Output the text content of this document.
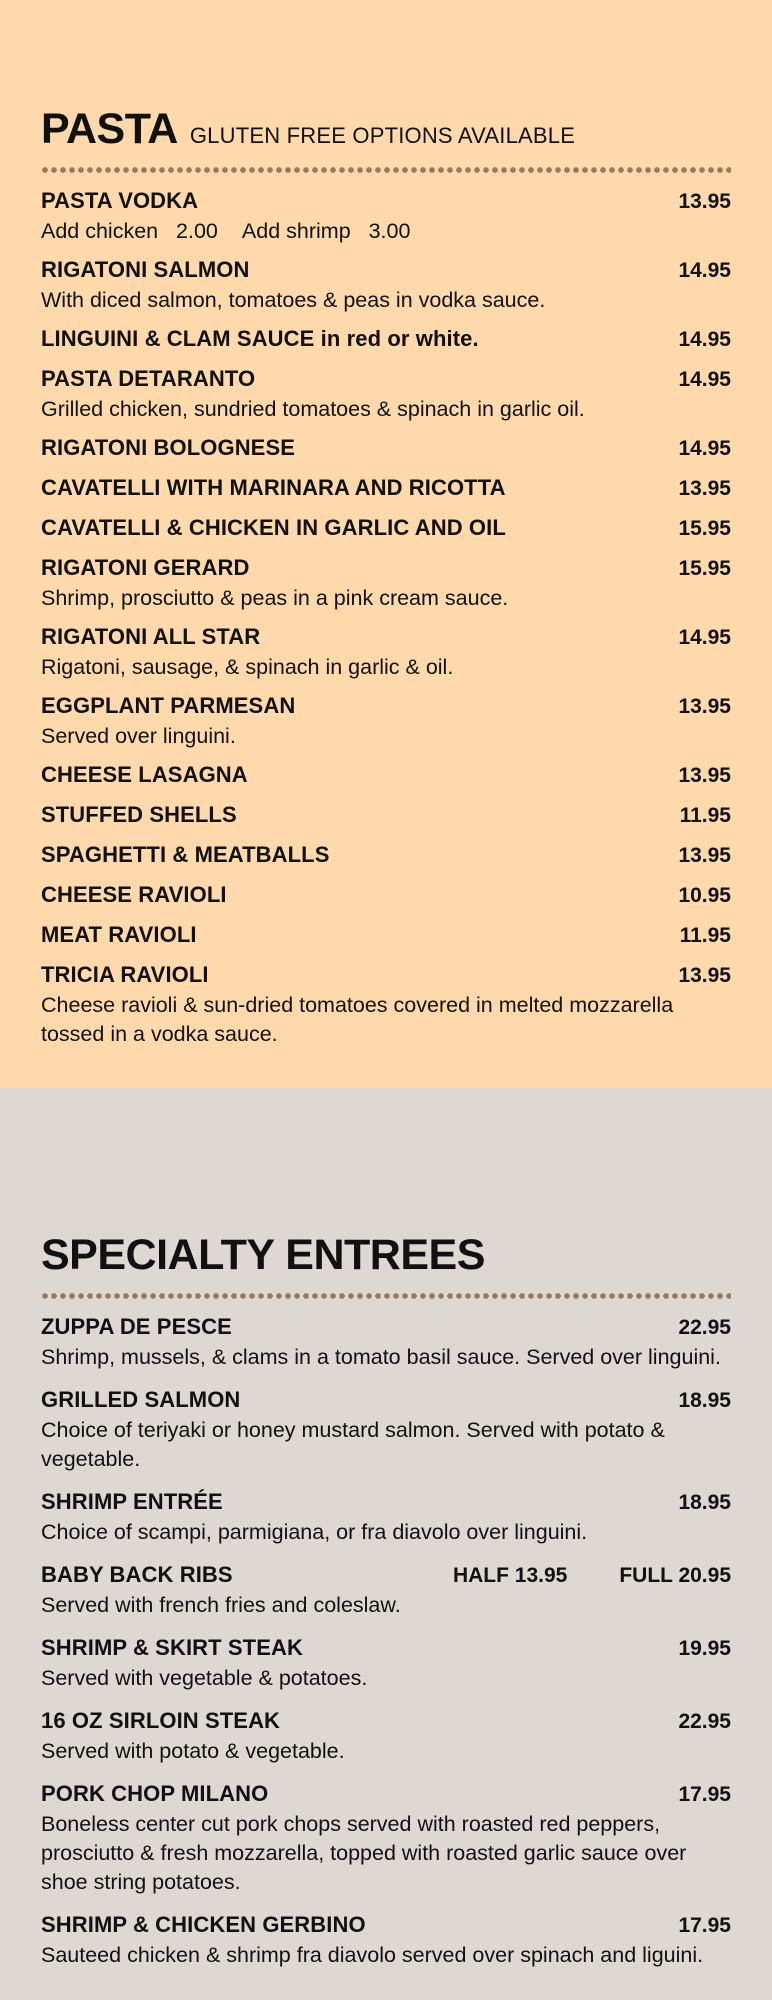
PASTA GLUTEN FREE OPTIONS AVAILABLE
PASTA VODKA	13.95
Add chicken   2.00 Add shrimp   3.00
RIGATONI SALMON	14.95
With diced salmon, tomatoes & peas in vodka sauce.
LINGUINI & CLAM SAUCE in red or white.	14.95
PASTA DETARANTO	14.95
Grilled chicken, sundried tomatoes & spinach in garlic oil.
RIGATONI BOLOGNESE	14.95
CAVATELLI WITH MARINARA AND RICOTTA	13.95
CAVATELLI & CHICKEN IN GARLIC AND OIL	15.95
RIGATONI GERARD	15.95
Shrimp, prosciutto & peas in a pink cream sauce.
RIGATONI ALL STAR	14.95
Rigatoni, sausage, & spinach in garlic & oil.
EGGPLANT PARMESAN	13.95
Served over linguini.
CHEESE LASAGNA	13.95
STUFFED SHELLS	11.95
SPAGHETTI & MEATBALLS	13.95
CHEESE RAVIOLI	10.95
MEAT RAVIOLI	11.95
TRICIA RAVIOLI	13.95
Cheese ravioli & sun-dried tomatoes covered in melted mozzarella tossed in a vodka sauce.
SPECIALTY ENTREES
ZUPPA DE PESCE	22.95
Shrimp, mussels, & clams in a tomato basil sauce. Served over linguini.
GRILLED SALMON	18.95
Choice of teriyaki or honey mustard salmon. Served with potato & vegetable.
SHRIMP ENTRÉE	18.95
Choice of scampi, parmigiana, or fra diavolo over linguini.
BABY BACK RIBS	HALF 13.95 FULL 20.95
Served with french fries and coleslaw.
SHRIMP & SKIRT STEAK	19.95
Served with vegetable & potatoes.
16 OZ SIRLOIN STEAK	22.95
Served with potato & vegetable.
PORK CHOP MILANO	17.95
Boneless center cut pork chops served with roasted red peppers, prosciutto & fresh mozzarella, topped with roasted garlic sauce over shoe string potatoes.
SHRIMP & CHICKEN GERBINO	17.95
Sauteed chicken & shrimp fra diavolo served over spinach and liguini.
